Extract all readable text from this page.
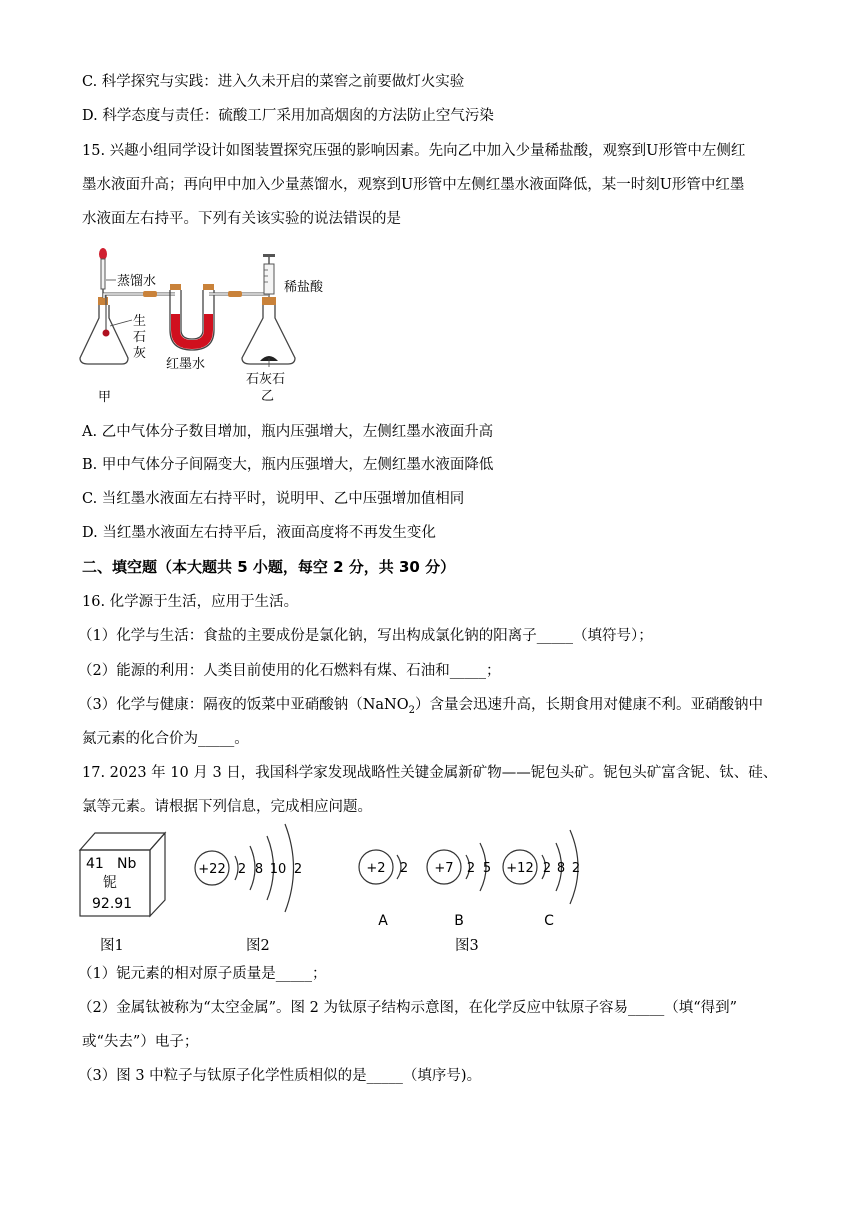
C. 科学探究与实践：进入久未开启的菜窖之前要做灯火实验
D. 科学态度与责任：硫酸工厂采用加高烟囱的方法防止空气污染
15. 兴趣小组同学设计如图装置探究压强的影响因素。先向乙中加入少量稀盐酸，观察到U形管中左侧红
墨水液面升高；再向甲中加入少量蒸馏水，观察到U形管中左侧红墨水液面降低，某一时刻U形管中红墨
水液面左右持平。下列有关该实验的说法错误的是
蒸馏水
生
石
灰
红墨水
稀盐酸
石灰石
甲	乙
A. 乙中气体分子数目增加，瓶内压强增大，左侧红墨水液面升高
B. 甲中气体分子间隔变大，瓶内压强增大，左侧红墨水液面降低
C. 当红墨水液面左右持平时，说明甲、乙中压强增加值相同
D. 当红墨水液面左右持平后，液面高度将不再发生变化
二、填空题（本大题共 5 小题，每空 2 分，共 30 分）
16. 化学源于生活，应用于生活。
（1）化学与生活：食盐的主要成份是氯化钠，写出构成氯化钠的阳离子_____（填符号）；
（2）能源的利用：人类目前使用的化石燃料有煤、石油和_____；
（3）化学与健康：隔夜的饭菜中亚硝酸钠（NaNO$_2$）含量会迅速升高，长期食用对健康不利。亚硝酸钠中
氮元素的化合价为_____。
17. 2023 年 10 月 3 日，我国科学家发现战略性关键金属新矿物——铌包头矿。铌包头矿富含铌、钛、硅、
氯等元素。请根据下列信息，完成相应问题。
41 Nb
铌
92.91
+22 2 8 10 2	+2 2
A
+7 2 5
B
+12 2 8 2
C
图1	图2	图3
（1）铌元素的相对原子质量是_____；
（2）金属钛被称为“太空金属”。图 2 为钛原子结构示意图，在化学反应中钛原子容易_____（填“得到”
或“失去”）电子；
（3）图 3 中粒子与钛原子化学性质相似的是_____（填序号)。
